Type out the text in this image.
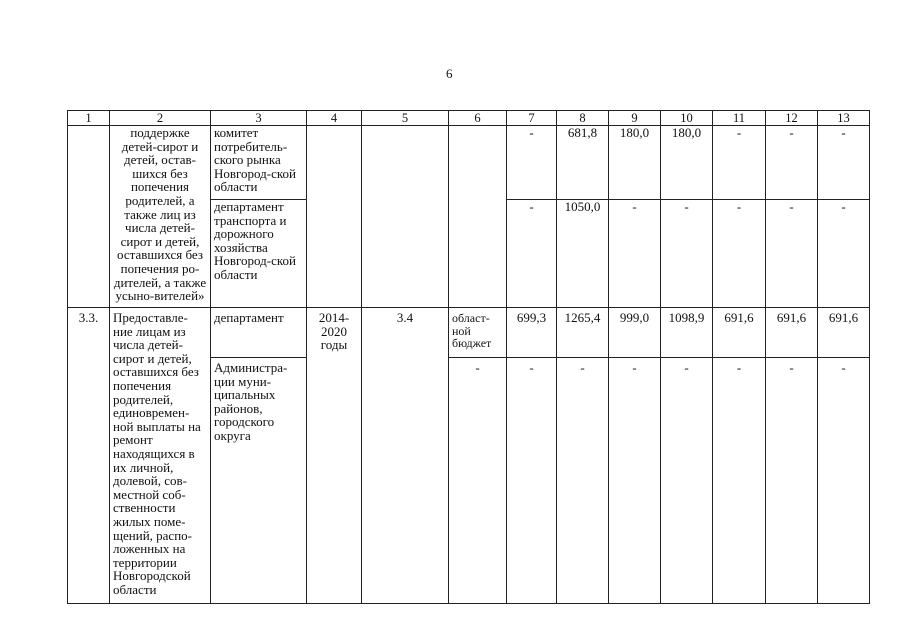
6
1	2	3	4	5	6	7	8	9	10	11	12	13

	поддержке детей-сирот и детей, остав-шихся без попечения родителей, а также лиц из числа детей-сирот и детей, оставшихся без попечения ро-дителей, а также усыно-вителей»	комитет потребитель-ского рынка Новгород-ской области				-	681,8	180,0	180,0	-	-	-

		департамент транспорта и дорожного хозяйства Новгород-ской области				-	1050,0	-	-	-	-	-
3.3.	Предоставле-ние лицам из числа детей-сирот и детей, оставшихся без попечения родителей, единовремен-ной выплаты на ремонт находящихся в их личной, долевой, сов-местной соб-ственности жилых поме-щений, распо-ложенных на территории Новгородской области	департамент	2014-2020 годы	3.4	област-ной бюджет	699,3	1265,4	999,0	1098,9	691,6	691,6	691,6

		Администра-ции муни-ципальных районов, городского округа			-	-	-	-	-	-	-	-
